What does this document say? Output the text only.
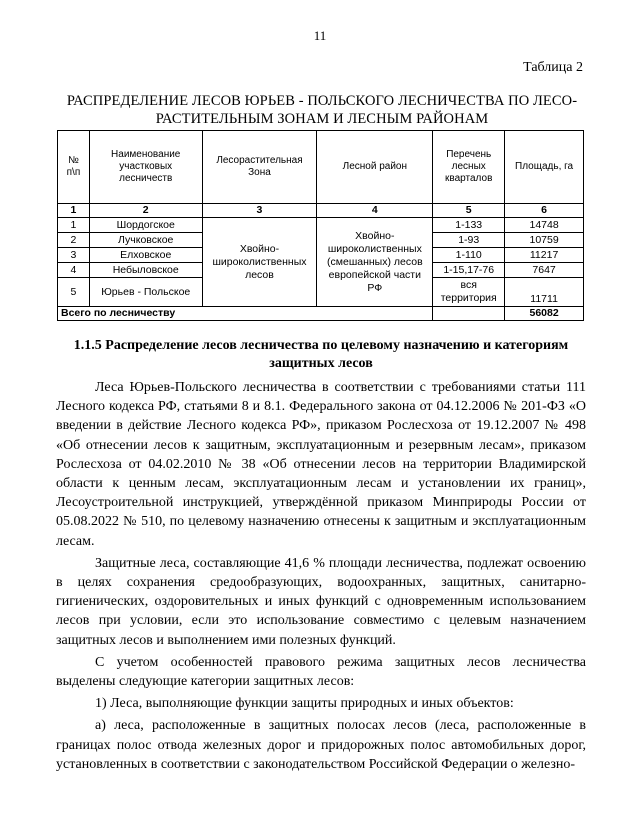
11
Таблица 2
РАСПРЕДЕЛЕНИЕ ЛЕСОВ ЮРЬЕВ - ПОЛЬСКОГО ЛЕСНИЧЕСТВА ПО ЛЕСО-
РАСТИТЕЛЬНЫМ ЗОНАМ И ЛЕСНЫМ РАЙОНАМ
№ п\п	Наименование участковых лесничеств	Лесорастительная Зона	Лесной район	Перечень лесных кварталов	Площадь, га
1	2	3	4	5	6
1	Шордогское	Хвойно-широколиственных лесов	Хвойно-широколиственных (смешанных) лесов европейской части РФ	1-133	14748
2	Лучковское			1-93	10759
3	Елховское			1-110	11217
4	Небыловское			1-15,17-76	7647
5	Юрьев - Польское			вся территория	11711
Всего по лесничеству					56082
1.1.5 Распределение лесов лесничества по целевому назначению и категориям защитных лесов

Леса Юрьев-Польского лесничества в соответствии с требованиями статьи 111 Лесного кодекса РФ, статьями 8 и 8.1. Федерального закона от 04.12.2006 № 201-ФЗ «О введении в действие Лесного кодекса РФ», приказом Рослесхоза от 19.12.2007 № 498 «Об отнесении лесов к защитным, эксплуатационным и резервным лесам», приказом Рослесхоза от 04.02.2010 № 38 «Об отнесении лесов на территории Владимирской области к ценным лесам, эксплуатационным лесам и установлении их границ», Лесоустроительной инструкцией, утверждённой приказом Минприроды России от 05.08.2022 № 510, по целевому назначению отнесены к защитным и эксплуатационным лесам.

Защитные леса, составляющие 41,6 % площади лесничества, подлежат освоению в целях сохранения средообразующих, водоохранных, защитных, санитарно-гигиенических, оздоровительных и иных функций с одновременным использованием лесов при условии, если это использование совместимо с целевым назначением защитных лесов и выполнением ими полезных функций.

С учетом особенностей правового режима защитных лесов лесничества выделены следующие категории защитных лесов:

1) Леса, выполняющие функции защиты природных и иных объектов:

а) леса, расположенные в защитных полосах лесов (леса, расположенные в границах полос отвода железных дорог и придорожных полос автомобильных дорог, установленных в соответствии с законодательством Российской Федерации о железно-
